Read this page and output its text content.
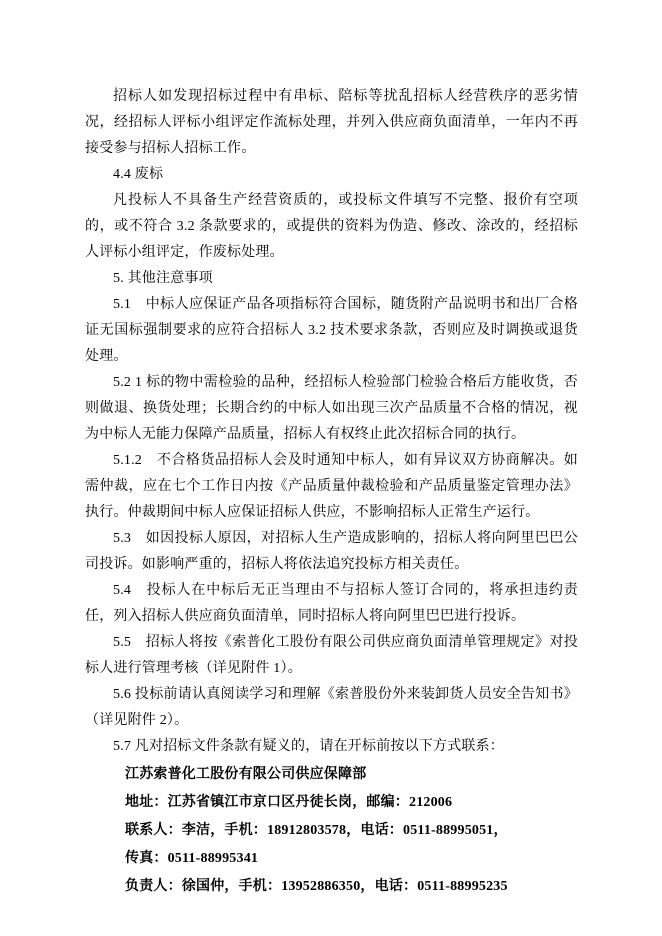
招标人如发现招标过程中有串标、陪标等扰乱招标人经营秩序的恶劣情况，经招标人评标小组评定作流标处理，并列入供应商负面清单，一年内不再接受参与招标人招标工作。

4.4 废标

凡投标人不具备生产经营资质的，或投标文件填写不完整、报价有空项的，或不符合 3.2 条款要求的，或提供的资料为伪造、修改、涂改的，经招标人评标小组评定，作废标处理。

5. 其他注意事项

5.1　中标人应保证产品各项指标符合国标，随货附产品说明书和出厂合格证无国标强制要求的应符合招标人 3.2 技术要求条款，否则应及时调换或退货处理。

5.2 1 标的物中需检验的品种，经招标人检验部门检验合格后方能收货，否则做退、换货处理；长期合约的中标人如出现三次产品质量不合格的情况，视为中标人无能力保障产品质量，招标人有权终止此次招标合同的执行。

5.1.2　不合格货品招标人会及时通知中标人，如有异议双方协商解决。如需仲裁，应在七个工作日内按《产品质量仲裁检验和产品质量鉴定管理办法》执行。仲裁期间中标人应保证招标人供应，不影响招标人正常生产运行。

5.3　如因投标人原因，对招标人生产造成影响的，招标人将向阿里巴巴公司投诉。如影响严重的，招标人将依法追究投标方相关责任。

5.4　投标人在中标后无正当理由不与招标人签订合同的，将承担违约责任，列入招标人供应商负面清单，同时招标人将向阿里巴巴进行投诉。

5.5　招标人将按《索普化工股份有限公司供应商负面清单管理规定》对投标人进行管理考核（详见附件 1）。

5.6 投标前请认真阅读学习和理解《索普股份外来装卸货人员安全告知书》（详见附件 2）。

5.7 凡对招标文件条款有疑义的，请在开标前按以下方式联系：

江苏索普化工股份有限公司供应保障部

地址：江苏省镇江市京口区丹徒长岗，邮编：212006

联系人：李洁，手机：18912803578，电话：0511-88995051，

传真：0511-88995341

负责人：徐国仲，手机：13952886350，电话：0511-88995235
